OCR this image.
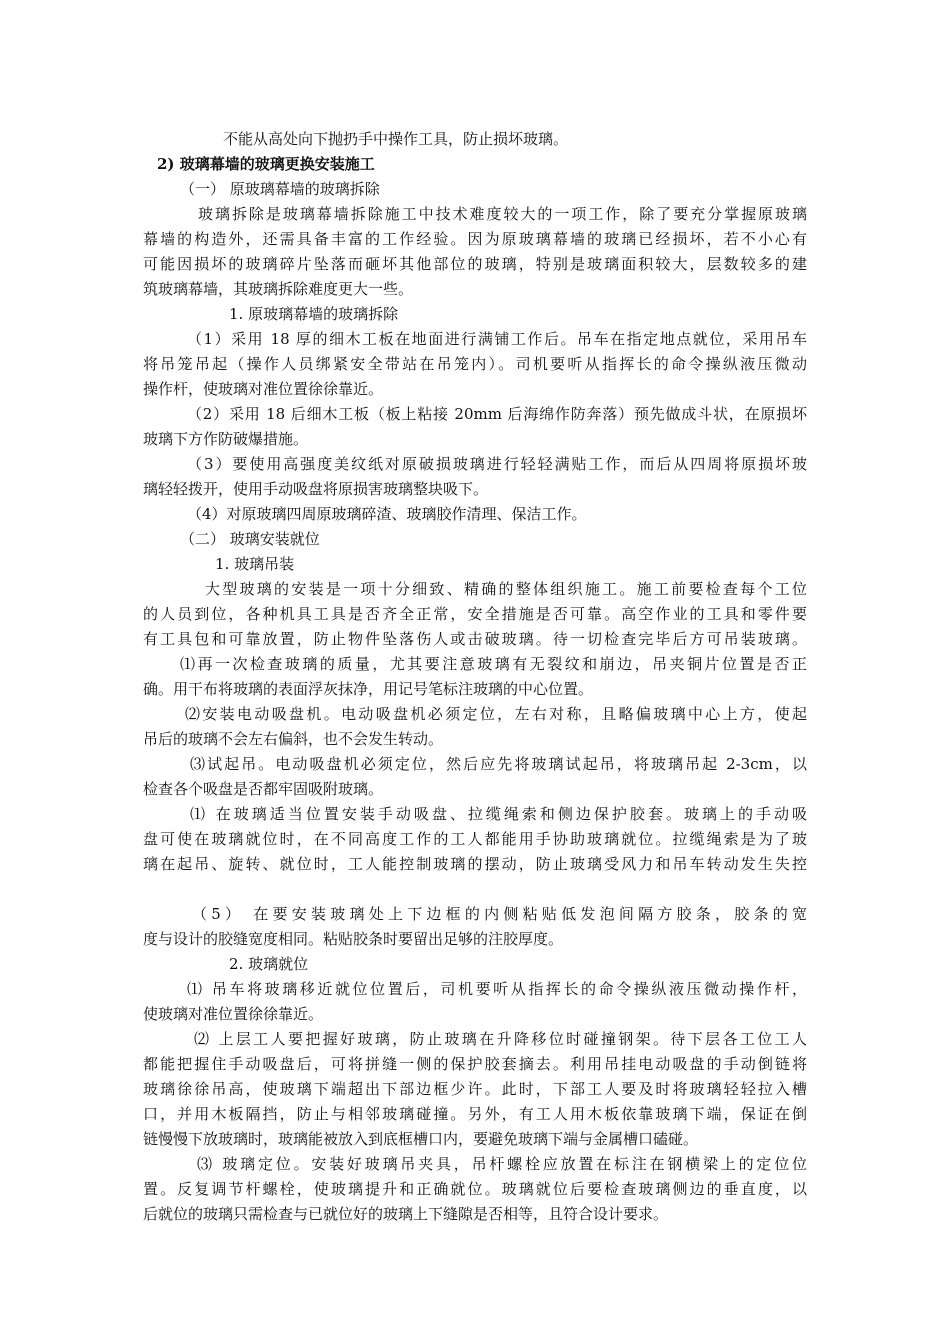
不能从高处向下抛扔手中操作工具，防止损坏玻璃。
2) 玻璃幕墙的玻璃更换安装施工
（一） 原玻璃幕墙的玻璃拆除
玻璃拆除是玻璃幕墙拆除施工中技术难度较大的一项工作，除了要充分掌握原玻璃
幕墙的构造外，还需具备丰富的工作经验。因为原玻璃幕墙的玻璃已经损坏，若不小心有
可能因损坏的玻璃碎片坠落而砸坏其他部位的玻璃，特别是玻璃面积较大，层数较多的建
筑玻璃幕墙，其玻璃拆除难度更大一些。
1. 原玻璃幕墙的玻璃拆除
（1）采用 18 厚的细木工板在地面进行满铺工作后。吊车在指定地点就位，采用吊车
将吊笼吊起（操作人员绑紧安全带站在吊笼内）。司机要听从指挥长的命令操纵液压微动
操作杆，使玻璃对准位置徐徐靠近。
（2）采用 18 后细木工板（板上粘接 20mm 后海绵作防奔落）预先做成斗状，在原损坏
玻璃下方作防破爆措施。
（3）要使用高强度美纹纸对原破损玻璃进行轻轻满贴工作，而后从四周将原损坏玻
璃轻轻拨开，使用手动吸盘将原损害玻璃整块吸下。
（4）对原玻璃四周原玻璃碎渣、玻璃胶作清理、保洁工作。
（二） 玻璃安装就位
1. 玻璃吊装
大型玻璃的安装是一项十分细致、精确的整体组织施工。施工前要检查每个工位
的人员到位，各种机具工具是否齐全正常，安全措施是否可靠。高空作业的工具和零件要
有工具包和可靠放置，防止物件坠落伤人或击破玻璃。待一切检查完毕后方可吊装玻璃。
⑴再一次检查玻璃的质量，尤其要注意玻璃有无裂纹和崩边，吊夹铜片位置是否正
确。用干布将玻璃的表面浮灰抹净，用记号笔标注玻璃的中心位置。
⑵安装电动吸盘机。电动吸盘机必须定位，左右对称，且略偏玻璃中心上方，使起
吊后的玻璃不会左右偏斜，也不会发生转动。
⑶试起吊。电动吸盘机必须定位，然后应先将玻璃试起吊，将玻璃吊起 2-3cm，以
检查各个吸盘是否都牢固吸附玻璃。
⑴ 在玻璃适当位置安装手动吸盘、拉缆绳索和侧边保护胶套。玻璃上的手动吸
盘可使在玻璃就位时，在不同高度工作的工人都能用手协助玻璃就位。拉缆绳索是为了玻
璃在起吊、旋转、就位时，工人能控制玻璃的摆动，防止玻璃受风力和吊车转动发生失控
（5） 在要安装玻璃处上下边框的内侧粘贴低发泡间隔方胶条，胶条的宽
度与设计的胶缝宽度相同。粘贴胶条时要留出足够的注胶厚度。
2. 玻璃就位
⑴ 吊车将玻璃移近就位位置后，司机要听从指挥长的命令操纵液压微动操作杆，
使玻璃对准位置徐徐靠近。
⑵ 上层工人要把握好玻璃，防止玻璃在升降移位时碰撞钢架。待下层各工位工人
都能把握住手动吸盘后，可将拼缝一侧的保护胶套摘去。利用吊挂电动吸盘的手动倒链将
玻璃徐徐吊高，使玻璃下端超出下部边框少许。此时，下部工人要及时将玻璃轻轻拉入槽
口，并用木板隔挡，防止与相邻玻璃碰撞。另外，有工人用木板依靠玻璃下端，保证在倒
链慢慢下放玻璃时，玻璃能被放入到底框槽口内，要避免玻璃下端与金属槽口磕碰。
⑶ 玻璃定位。安装好玻璃吊夹具，吊杆螺栓应放置在标注在钢横梁上的定位位
置。反复调节杆螺栓，使玻璃提升和正确就位。玻璃就位后要检查玻璃侧边的垂直度，以
后就位的玻璃只需检查与已就位好的玻璃上下缝隙是否相等，且符合设计要求。
